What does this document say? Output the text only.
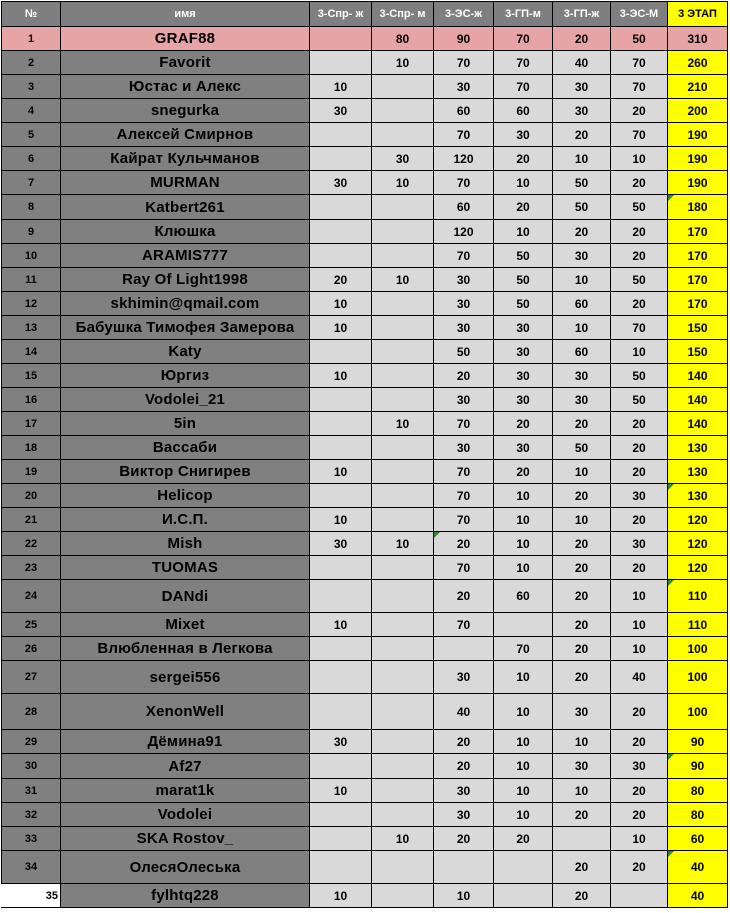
№	имя	3-Спр- ж	3-Спр- м	3-ЭС-ж	3-ГП-м	3-ГП-ж	3-ЭС-М	3 ЭТАП
1	GRAF88		80	90	70	20	50	310
2	Favorit		10	70	70	40	70	260
3	Юстас и Алекс	10		30	70	30	70	210
4	snegurka	30		60	60	30	20	200
5	Алексей Смирнов			70	30	20	70	190
6	Кайрат Кульчманов		30	120	20	10	10	190
7	MURMAN	30	10	70	10	50	20	190
8	Katbert261			60	20	50	50	180
9	Клюшка			120	10	20	20	170
10	ARAMIS777			70	50	30	20	170
11	Ray Of Light1998	20	10	30	50	10	50	170
12	skhimin@qmail.com	10		30	50	60	20	170
13	Бабушка Тимофея Замерова	10		30	30	10	70	150
14	Katy			50	30	60	10	150
15	Юргиз	10		20	30	30	50	140
16	Vodolei_21			30	30	30	50	140
17	5in		10	70	20	20	20	140
18	Вассаби			30	30	50	20	130
19	Виктор Снигирев	10		70	20	10	20	130
20	Helicop			70	10	20	30	130
21	И.С.П.	10		70	10	10	20	120
22	Mish	30	10	20	10	20	30	120
23	TUOMAS			70	10	20	20	120
24	DANdi			20	60	20	10	110
25	Mixet	10		70		20	10	110
26	Влюбленная в Легкова				70	20	10	100
27	sergei556			30	10	20	40	100
28	XenonWell			40	10	30	20	100
29	Дёмина91	30		20	10	10	20	90
30	Af27			20	10	30	30	90
31	marat1k	10		30	10	10	20	80
32	Vodolei			30	10	20	20	80
33	SKA Rostov_		10	20	20		10	60
34	ОлесяОлеська					20	20	40
35	fylhtq228	10		10		20		40
